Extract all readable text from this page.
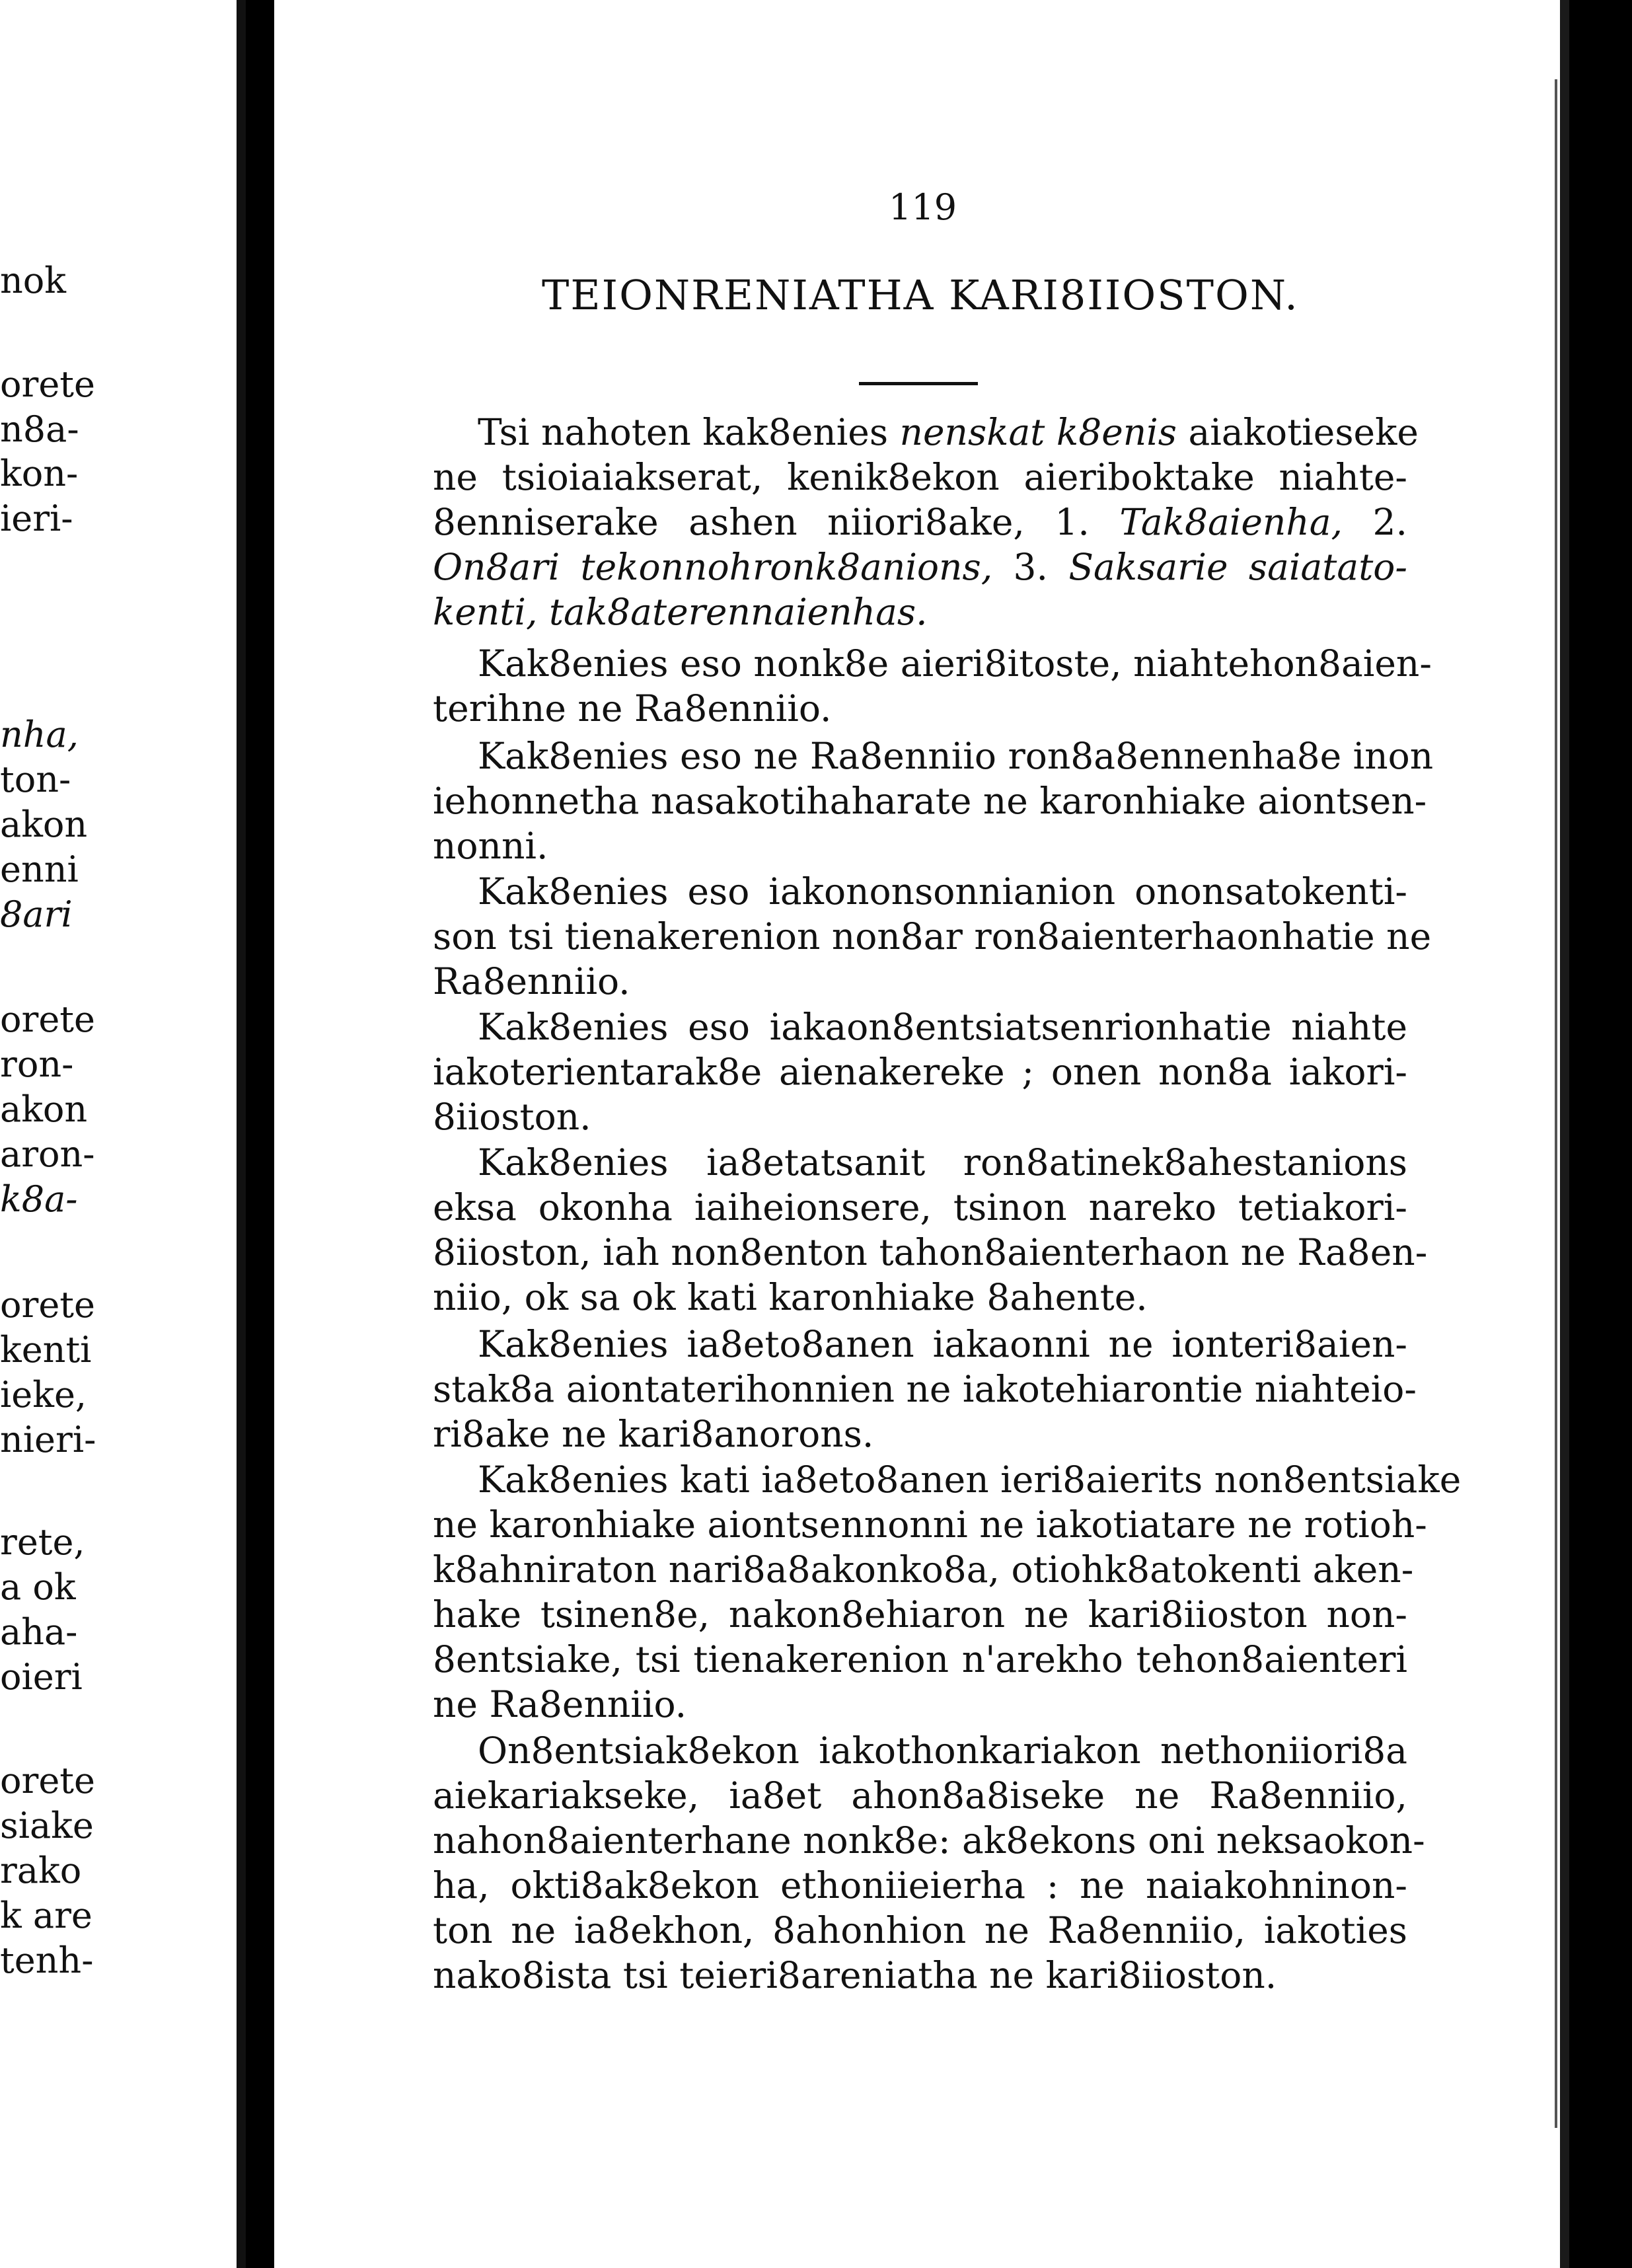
nok
orete
n8a-
kon-
ieri-
nha,
ton-
akon
enni
8ari
orete
ron-
akon
aron-
k8a-
orete
kenti
ieke,
nieri-
rete,
a ok
aha-
oieri
orete
siake
rako
k are
tenh-
119
TEIONRENIATHA KARI8IIOSTON.
Tsi nahoten kak8enies nenskat k8enis aiakotieseke
ne tsioiaiakserat, kenik8ekon aieriboktake niahte-
8enniserake ashen niiori8ake, 1. Tak8aienha, 2.
On8ari tekonnohronk8anions, 3. Saksarie saiatato-
kenti, tak8aterennaienhas.
Kak8enies eso nonk8e aieri8itoste, niahtehon8aien-
terihne ne Ra8enniio.
Kak8enies eso ne Ra8enniio ron8a8ennenha8e inon
iehonnetha nasakotihaharate ne karonhiake aiontsen-
nonni.
Kak8enies eso iakononsonnianion ononsatokenti-
son tsi tienakerenion non8ar ron8aienterhaonhatie ne
Ra8enniio.
Kak8enies eso iakaon8entsiatsenrionhatie niahte
iakoterientarak8e aienakereke ; onen non8a iakori-
8iioston.
Kak8enies ia8etatsanit ron8atinek8ahestanions
eksa okonha iaiheionsere, tsinon nareko tetiakori-
8iioston, iah non8enton tahon8aienterhaon ne Ra8en-
niio, ok sa ok kati karonhiake 8ahente.
Kak8enies ia8eto8anen iakaonni ne ionteri8aien-
stak8a aiontaterihonnien ne iakotehiarontie niahteio-
ri8ake ne kari8anorons.
Kak8enies kati ia8eto8anen ieri8aierits non8entsiake
ne karonhiake aiontsennonni ne iakotiatare ne rotioh-
k8ahniraton nari8a8akonko8a, otiohk8atokenti aken-
hake tsinen8e, nakon8ehiaron ne kari8iioston non-
8entsiake, tsi tienakerenion n'arekho tehon8aienteri
ne Ra8enniio.
On8entsiak8ekon iakothonkariakon nethoniiori8a
aiekariakseke, ia8et ahon8a8iseke ne Ra8enniio,
nahon8aienterhane nonk8e: ak8ekons oni neksaokon-
ha, okti8ak8ekon ethoniieierha : ne naiakohninon-
ton ne ia8ekhon, 8ahonhion ne Ra8enniio, iakoties
nako8ista tsi teieri8areniatha ne kari8iioston.
